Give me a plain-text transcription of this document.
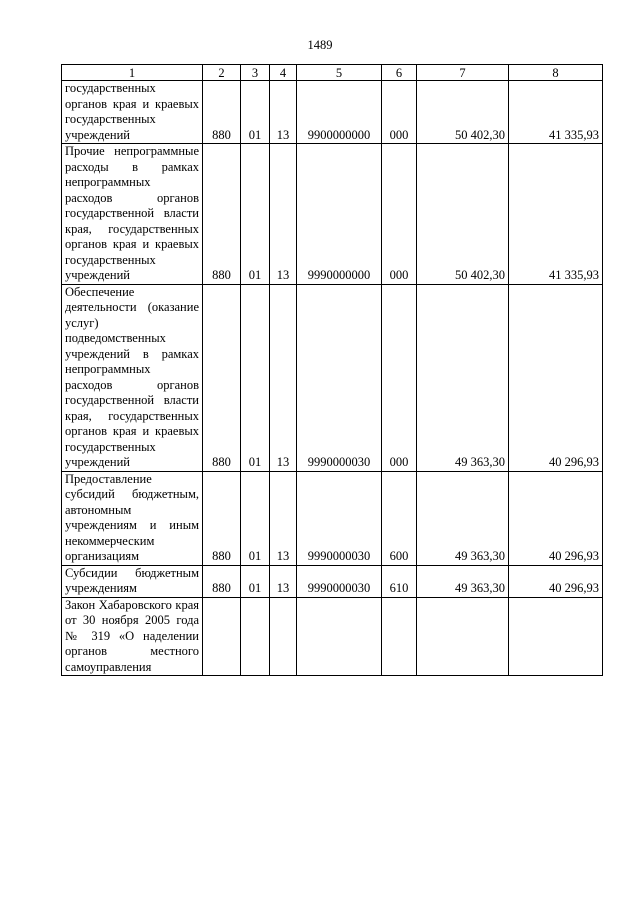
1489
1	2	3	4	5	6	7	8
государственных органов края и краевых государственных учреждений	880	01	13	9900000000	000	50 402,30	41 335,93
Прочие непрограммные расходы в рамках непрограммных расходов органов государственной власти края, государственных органов края и краевых государственных учреждений	880	01	13	9990000000	000	50 402,30	41 335,93
Обеспечение деятельности (оказание услуг) подведомственных учреждений в рамках непрограммных расходов органов государственной власти края, государственных органов края и краевых государственных учреждений	880	01	13	9990000030	000	49 363,30	40 296,93
Предоставление субсидий бюджетным, автономным учреждениям и иным некоммерческим организациям	880	01	13	9990000030	600	49 363,30	40 296,93
Субсидии бюджетным учреждениям	880	01	13	9990000030	610	49 363,30	40 296,93
Закон Хабаровского края от 30 ноября 2005 года № 319 «О наделении органов местного самоуправления							
